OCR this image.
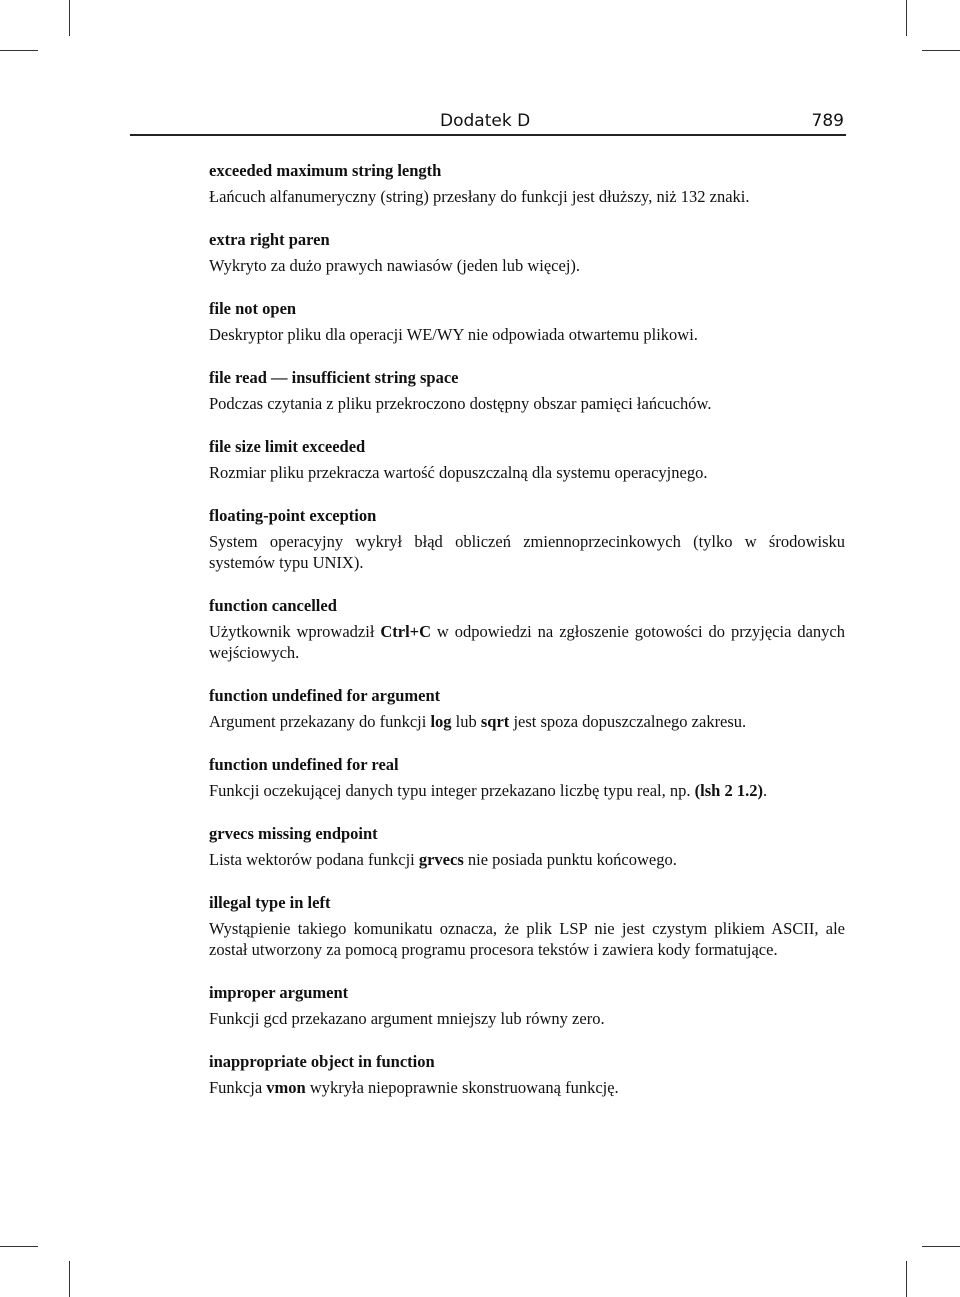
Dodatek D	789
exceeded maximum string length
Łańcuch alfanumeryczny (string) przesłany do funkcji jest dłuższy, niż 132 znaki.
extra right paren
Wykryto za dużo prawych nawiasów (jeden lub więcej).
file not open
Deskryptor pliku dla operacji WE/WY nie odpowiada otwartemu plikowi.
file read — insufficient string space
Podczas czytania z pliku przekroczono dostępny obszar pamięci łańcuchów.
file size limit exceeded
Rozmiar pliku przekracza wartość dopuszczalną dla systemu operacyjnego.
floating-point exception
System operacyjny wykrył błąd obliczeń zmiennoprzecinkowych (tylko w środowisku systemów typu UNIX).
function cancelled
Użytkownik wprowadził Ctrl+C w odpowiedzi na zgłoszenie gotowości do przyjęcia danych wejściowych.
function undefined for argument
Argument przekazany do funkcji log lub sqrt jest spoza dopuszczalnego zakresu.
function undefined for real
Funkcji oczekującej danych typu integer przekazano liczbę typu real, np. (lsh 2 1.2).
grvecs missing endpoint
Lista wektorów podana funkcji grvecs nie posiada punktu końcowego.
illegal type in left
Wystąpienie takiego komunikatu oznacza, że plik LSP nie jest czystym plikiem ASCII, ale został utworzony za pomocą programu procesora tekstów i zawiera kody formatujące.
improper argument
Funkcji gcd przekazano argument mniejszy lub równy zero.
inappropriate object in function
Funkcja vmon wykryła niepoprawnie skonstruowaną funkcję.
